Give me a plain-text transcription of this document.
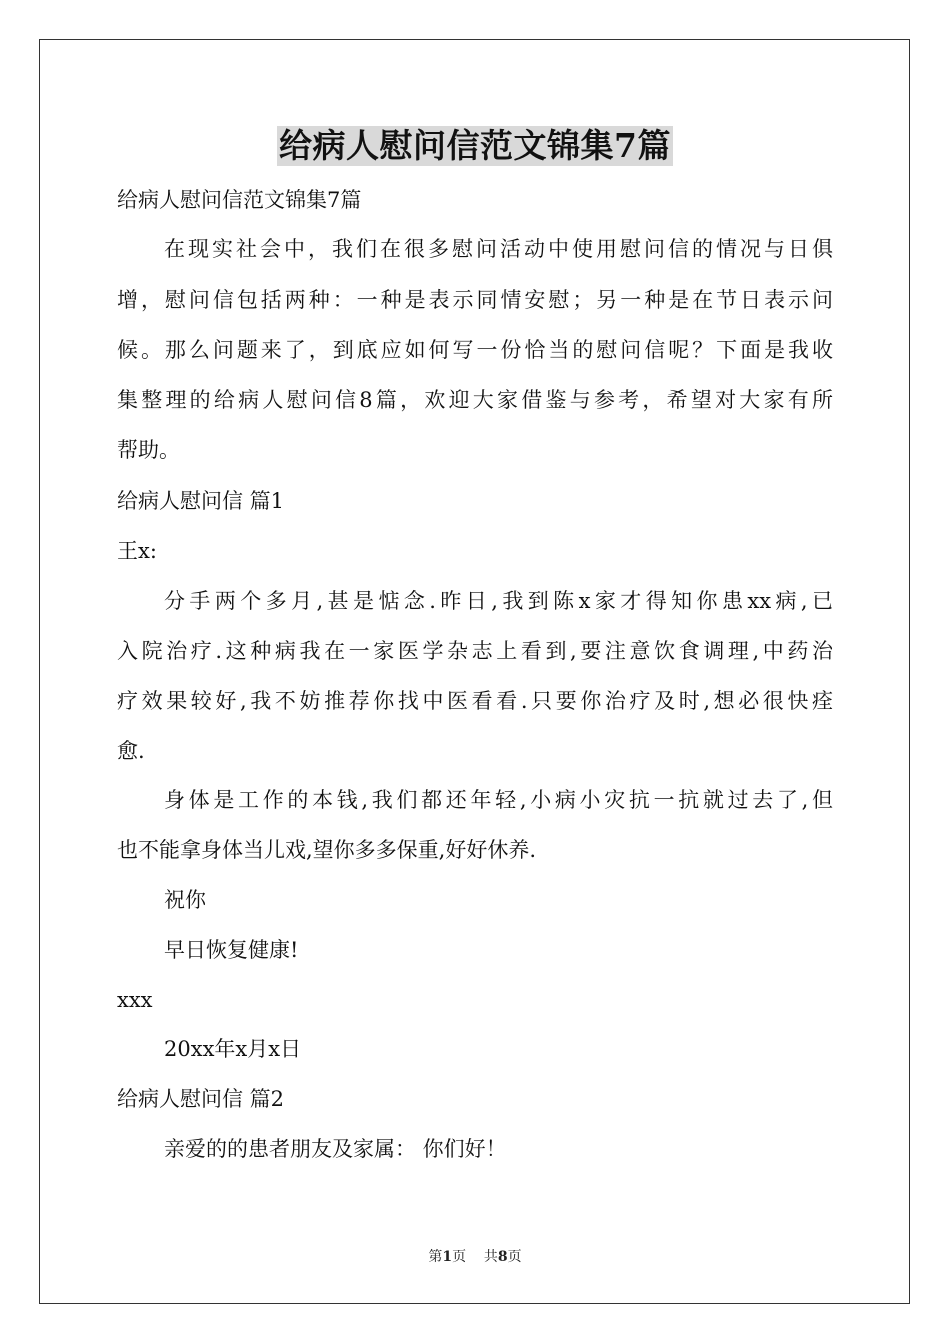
给病人慰问信范文锦集7篇
给病人慰问信范文锦集7篇
在现实社会中，我们在很多慰问活动中使用慰问信的情况与日俱
增，慰问信包括两种：一种是表示同情安慰；另一种是在节日表示问
候。那么问题来了，到底应如何写一份恰当的慰问信呢？下面是我收
集整理的给病人慰问信8篇，欢迎大家借鉴与参考，希望对大家有所
帮助。
给病人慰问信 篇1
王x:
分手两个多月,甚是惦念.昨日,我到陈x家才得知你患xx病,已
入院治疗.这种病我在一家医学杂志上看到,要注意饮食调理,中药治
疗效果较好,我不妨推荐你找中医看看.只要你治疗及时,想必很快痊
愈.
身体是工作的本钱,我们都还年轻,小病小灾抗一抗就过去了,但
也不能拿身体当儿戏,望你多多保重,好好休养.
祝你
早日恢复健康!
xxx
20xx年x月x日
给病人慰问信 篇2
亲爱的的患者朋友及家属： 你们好！
第1页    共8页
